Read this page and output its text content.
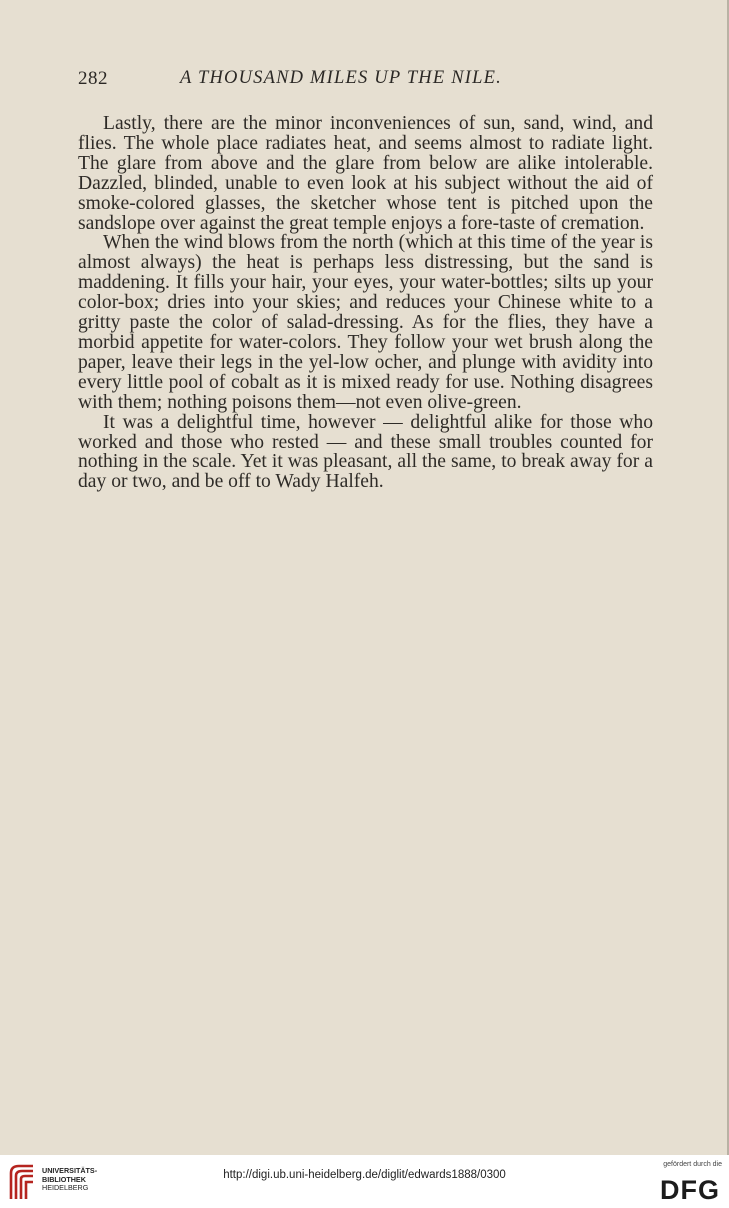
282	A THOUSAND MILES UP THE NILE.

Lastly, there are the minor inconveniences of sun, sand, wind, and flies. The whole place radiates heat, and seems almost to radiate light. The glare from above and the glare from below are alike intolerable. Dazzled, blinded, unable to even look at his subject without the aid of smoke-colored glasses, the sketcher whose tent is pitched upon the sandslope over against the great temple enjoys a fore-taste of cremation.

When the wind blows from the north (which at this time of the year is almost always) the heat is perhaps less distressing, but the sand is maddening. It fills your hair, your eyes, your water-bottles; silts up your color-box; dries into your skies; and reduces your Chinese white to a gritty paste the color of salad-dressing. As for the flies, they have a morbid appetite for water-colors. They follow your wet brush along the paper, leave their legs in the yel-low ocher, and plunge with avidity into every little pool of cobalt as it is mixed ready for use. Nothing disagrees with them; nothing poisons them—not even olive-green.

It was a delightful time, however — delightful alike for those who worked and those who rested — and these small troubles counted for nothing in the scale. Yet it was pleasant, all the same, to break away for a day or two, and be off to Wady Halfeh.

UNIVERSITÄTS-
BIBLIOTHEK
HEIDELBERG
http://digi.ub.uni-heidelberg.de/diglit/edwards1888/0300
gefördert durch die
DFG
